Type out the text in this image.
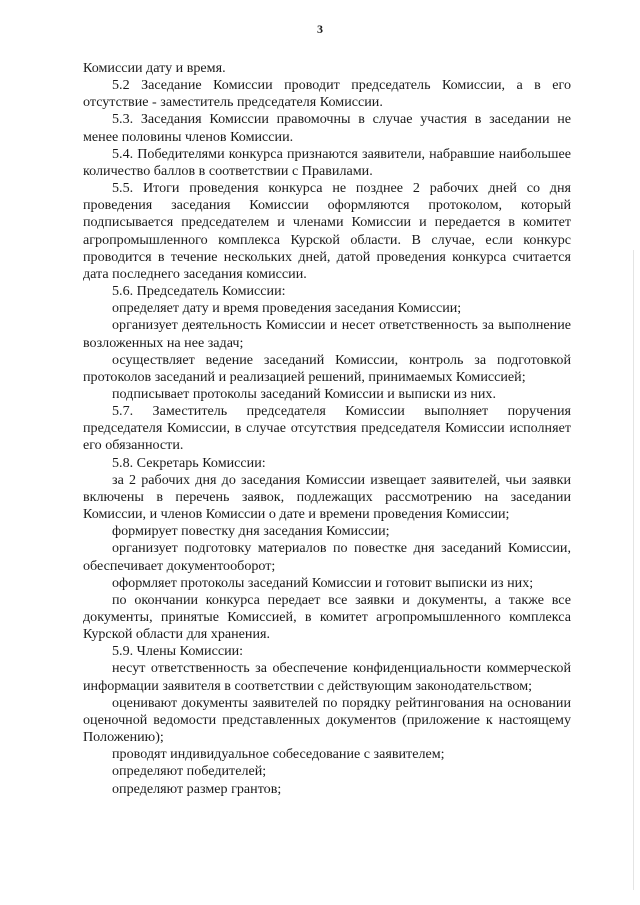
3

Комиссии дату и время.

5.2 Заседание Комиссии проводит председатель Комиссии, а в его отсутствие - заместитель председателя Комиссии.

5.3. Заседания Комиссии правомочны в случае участия в заседании не менее половины членов Комиссии.

5.4. Победителями конкурса признаются заявители, набравшие наибольшее количество баллов в соответствии с Правилами.

5.5. Итоги проведения конкурса не позднее 2 рабочих дней со дня проведения заседания Комиссии оформляются протоколом, который подписывается председателем и членами Комиссии и передается в комитет агропромышленного комплекса Курской области. В случае, если конкурс проводится в течение нескольких дней, датой проведения конкурса считается дата последнего заседания комиссии.

5.6. Председатель Комиссии:

определяет дату и время проведения заседания Комиссии;

организует деятельность Комиссии и несет ответственность за выполнение возложенных на нее задач;

осуществляет ведение заседаний Комиссии, контроль за подготовкой протоколов заседаний и реализацией решений, принимаемых Комиссией;

подписывает протоколы заседаний Комиссии и выписки из них.

5.7. Заместитель председателя Комиссии выполняет поручения председателя Комиссии, в случае отсутствия председателя Комиссии исполняет его обязанности.

5.8. Секретарь Комиссии:

за 2 рабочих дня до заседания Комиссии извещает заявителей, чьи заявки включены в перечень заявок, подлежащих рассмотрению на заседании Комиссии, и членов Комиссии о дате и времени проведения Комиссии;

формирует повестку дня заседания Комиссии;

организует подготовку материалов по повестке дня заседаний Комиссии, обеспечивает документооборот;

оформляет протоколы заседаний Комиссии и готовит выписки из них;

по окончании конкурса передает все заявки и документы, а также все документы, принятые Комиссией, в комитет агропромышленного комплекса Курской области для хранения.

5.9. Члены Комиссии:

несут ответственность за обеспечение конфиденциальности коммерческой информации заявителя в соответствии с действующим законодательством;

оценивают документы заявителей по порядку рейтингования на основании оценочной ведомости представленных документов (приложение к настоящему Положению);

проводят индивидуальное собеседование с заявителем;

определяют победителей;

определяют размер грантов;
